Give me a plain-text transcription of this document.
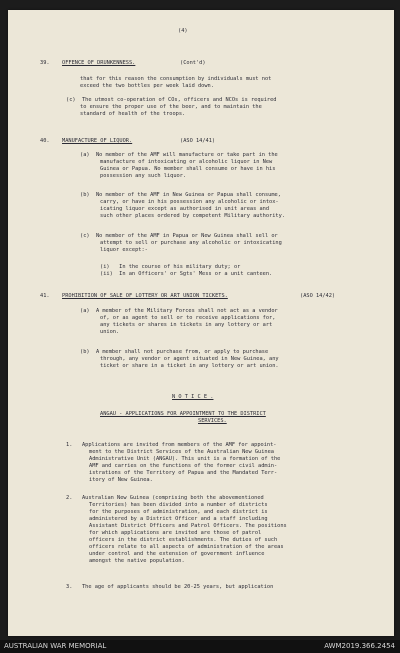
(4)
39. OFFENCE OF DRUNKENNESS.	(Cont'd)
that for this reason the consumption by individuals must not
exceed the two bottles per week laid down.
(c)  The utmost co-operation of COs, officers and NCOs is required
to ensure the proper use of the beer, and to maintain the
standard of health of the troops.
40. MANUFACTURE OF LIQUOR.	(ASO 14/41)
(a)  No member of the AMF will manufacture or take part in the
manufacture of intoxicating or alcoholic liquor in New
Guinea or Papua. No member shall consume or have in his
possession any such liquor.
(b)  No member of the AMF in New Guinea or Papua shall consume,
carry, or have in his possession any alcoholic or intox-
icating liquor except as authorised in unit areas and
such other places ordered by competent Military authority.
(c)  No member of the AMF in Papua or New Guinea shall sell or
attempt to sell or purchase any alcoholic or intoxicating
liquor except:-
(i)   In the course of his military duty; or
(ii)  In an Officers' or Sgts' Mess or a unit canteen.
41. PROHIBITION OF SALE OF LOTTERY OR ART UNION TICKETS.	(ASO 14/42)
(a)  A member of the Military Forces shall not act as a vendor
of, or as agent to sell or to receive applications for,
any tickets or shares in tickets in any lottery or art
union.
(b)  A member shall not purchase from, or apply to purchase
through, any vendor or agent situated in New Guinea, any
ticket or share in a ticket in any lottery or art union.
N O T I C E .
ANGAU - APPLICATIONS FOR APPOINTMENT TO THE DISTRICT
SERVICES.
1.   Applications are invited from members of the AMF for appoint-
ment to the District Services of the Australian New Guinea
Administrative Unit (ANGAU). This unit is a formation of the
AMF and carries on the functions of the former civil admin-
istrations of the Territory of Papua and the Mandated Terr-
itory of New Guinea.
2.   Australian New Guinea (comprising both the abovementioned
Territories) has been divided into a number of districts
for the purposes of administration, and each district is
administered by a District Officer and a staff including
Assistant District Officers and Patrol Officers. The positions
for which applications are invited are those of patrol
officers in the district establishments. The duties of such
officers relate to all aspects of administration of the areas
under control and the extension of government influence
amongst the native population.
3.   The age of applicants should be 20-25 years, but application
AUSTRALIAN WAR MEMORIAL	AWM2019.366.2454
